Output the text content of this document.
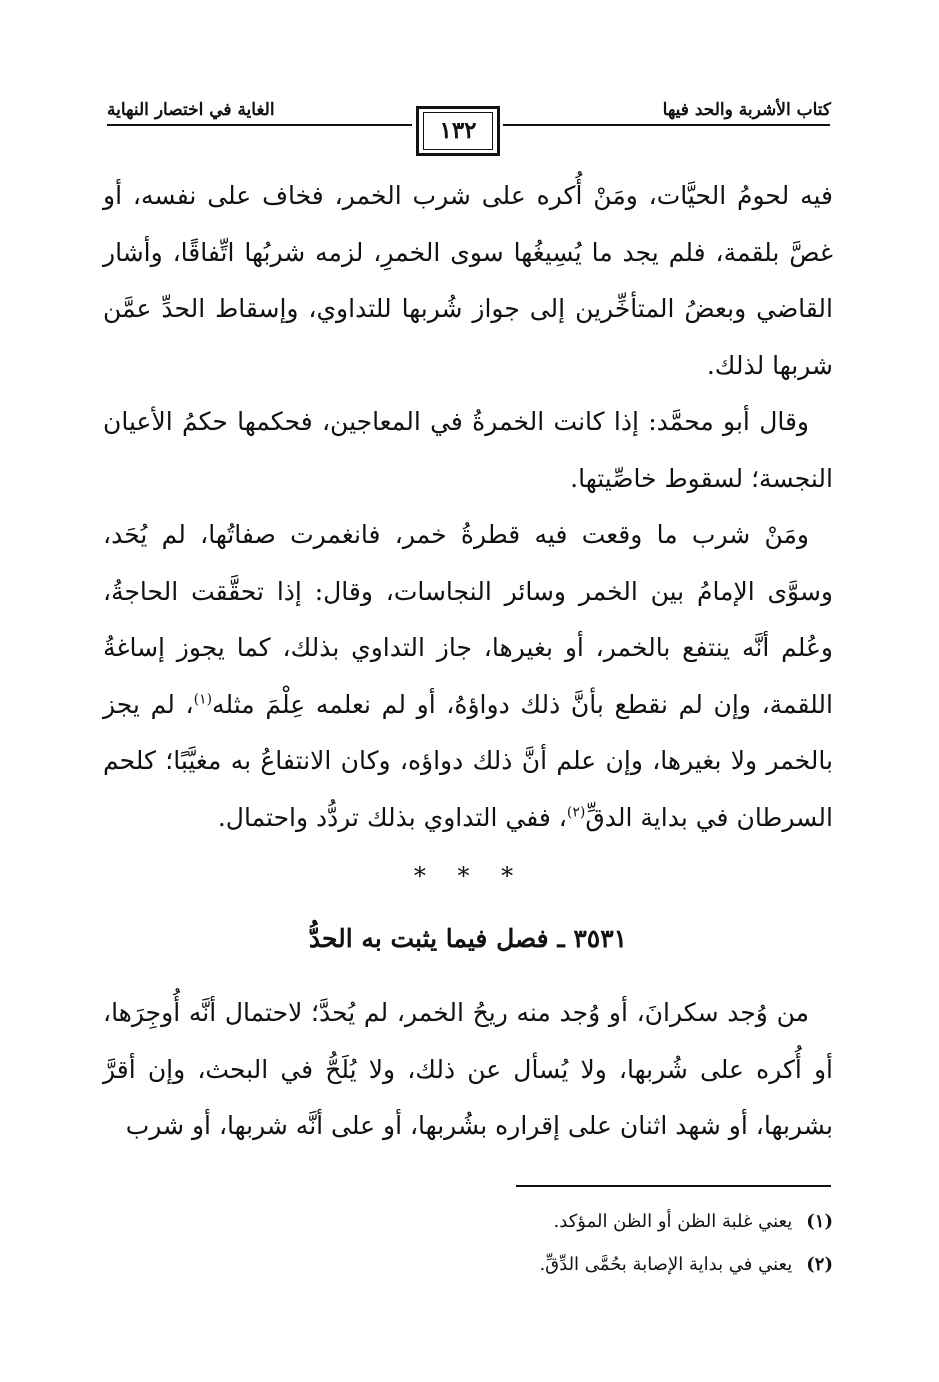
كتاب الأشربة والحد فيها
الغاية في اختصار النهاية
١٣٢

فيه لحومُ الحيَّات، ومَنْ أُكره على شرب الخمر، فخاف على نفسه، أو غصَّ بلقمة، فلم يجد ما يُسِيغُها سوى الخمرِ، لزمه شربُها اتِّفاقًا، وأشار القاضي وبعضُ المتأخِّرين إلى جواز شُربها للتداوي، وإسقاط الحدِّ عمَّن شربها لذلك.

وقال أبو محمَّد: إذا كانت الخمرةُ في المعاجين، فحكمها حكمُ الأعيان النجسة؛ لسقوط خاصِّيتها.

ومَنْ شرب ما وقعت فيه قطرةُ خمر، فانغمرت صفاتُها، لم يُحَد، وسوَّى الإمامُ بين الخمر وسائر النجاسات، وقال: إذا تحقَّقت الحاجةُ، وعُلم أنَّه ينتفع بالخمر، أو بغيرها، جاز التداوي بذلك، كما يجوز إساغةُ اللقمة، وإن لم نقطع بأنَّ ذلك دواؤهُ، أو لم نعلمه عِلْمَ مثله$^{(١)}$، لم يجز بالخمر ولا بغيرها، وإن علم أنَّ ذلك دواؤه، وكان الانتفاعُ به مغيَّبًا؛ كلحم السرطان في بداية الدقِّ$^{(٢)}$، ففي التداوي بذلك تردُّد واحتمال.

* * *
٣٥٣١ ـ فصل فيما يثبت به الحدُّ

من وُجد سكرانَ، أو وُجد منه ريحُ الخمر، لم يُحدَّ؛ لاحتمال أنَّه أُوجِرَها، أو أُكره على شُربها، ولا يُسأل عن ذلك، ولا يُلَحُّ في البحث، وإن أقرَّ بشربها، أو شهد اثنان على إقراره بشُربها، أو على أنَّه شربها، أو شرب

(١)يعني غلبة الظن أو الظن المؤكد.
(٢)يعني في بداية الإصابة بحُمَّى الدِّقِّ.
